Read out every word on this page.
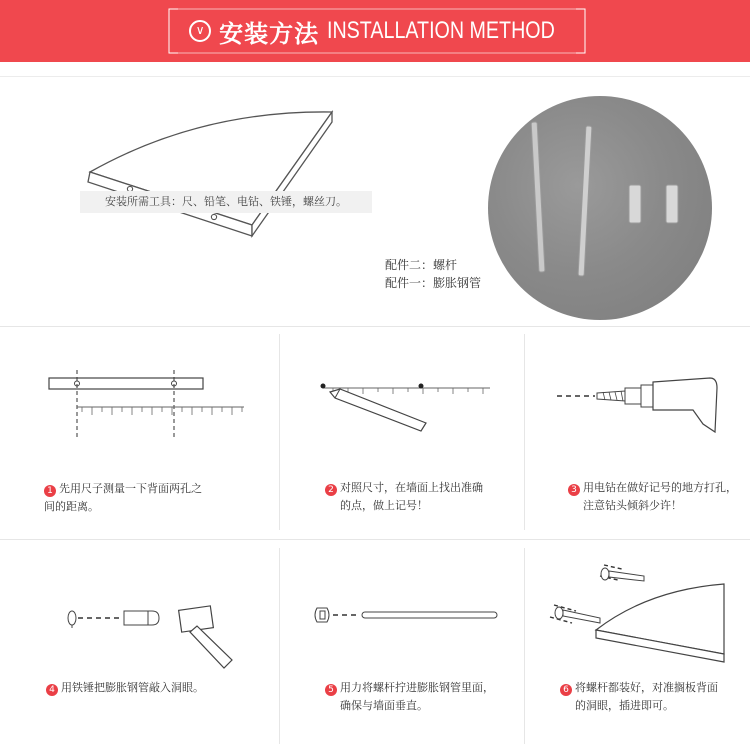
∨ 安装方法 INSTALLATION METHOD
安装所需工具：尺、铅笔、电钻、铁锤，螺丝刀。
配件二：螺杆
配件一：膨胀钢管
1 先用尺子测量一下背面两孔之
间的距离。
2 对照尺寸，在墙面上找出准确
的点，做上记号！
3 用电钻在做好记号的地方打孔，
注意钻头倾斜少许！
4 用铁锤把膨胀钢管敲入洞眼。	5 用力将螺杆拧进膨胀钢管里面，
确保与墙面垂直。
6 将螺杆都装好，对准搁板背面
的洞眼，插进即可。
